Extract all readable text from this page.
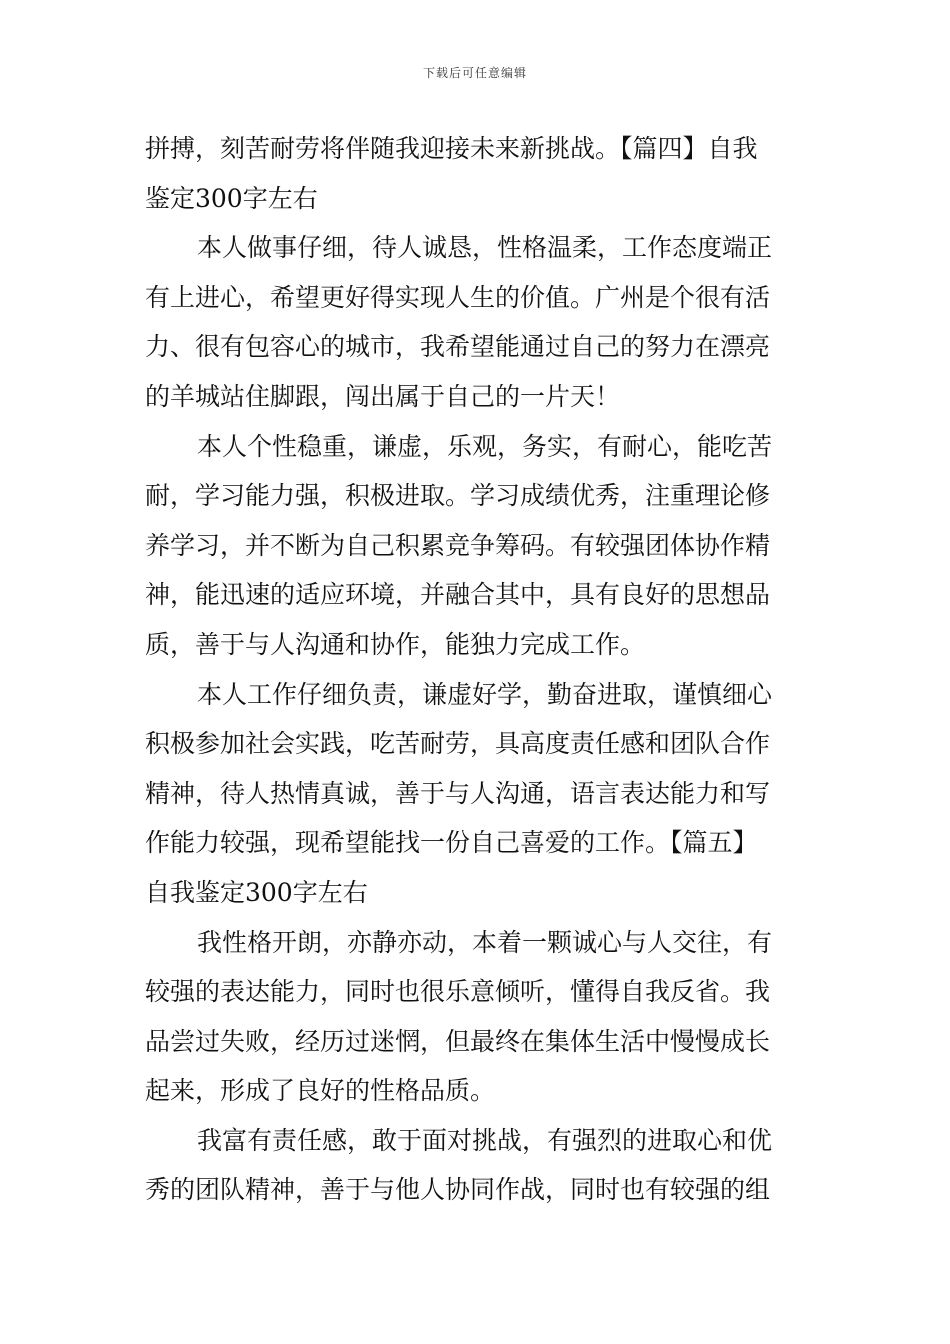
下载后可任意编辑
拼搏，刻苦耐劳将伴随我迎接未来新挑战。【篇四】自我
鉴定300字左右
本人做事仔细，待人诚恳，性格温柔，工作态度端正
有上进心，希望更好得实现人生的价值。广州是个很有活
力、很有包容心的城市，我希望能通过自己的努力在漂亮
的羊城站住脚跟，闯出属于自己的一片天！
本人个性稳重，谦虚，乐观，务实，有耐心，能吃苦
耐，学习能力强，积极进取。学习成绩优秀，注重理论修
养学习，并不断为自己积累竞争筹码。有较强团体协作精
神，能迅速的适应环境，并融合其中，具有良好的思想品
质，善于与人沟通和协作，能独力完成工作。
本人工作仔细负责，谦虚好学，勤奋进取，谨慎细心
积极参加社会实践，吃苦耐劳，具高度责任感和团队合作
精神，待人热情真诚，善于与人沟通，语言表达能力和写
作能力较强，现希望能找一份自己喜爱的工作。【篇五】
自我鉴定300字左右
我性格开朗，亦静亦动，本着一颗诚心与人交往，有
较强的表达能力，同时也很乐意倾听，懂得自我反省。我
品尝过失败，经历过迷惘，但最终在集体生活中慢慢成长
起来，形成了良好的性格品质。
我富有责任感，敢于面对挑战，有强烈的进取心和优
秀的团队精神，善于与他人协同作战，同时也有较强的组
